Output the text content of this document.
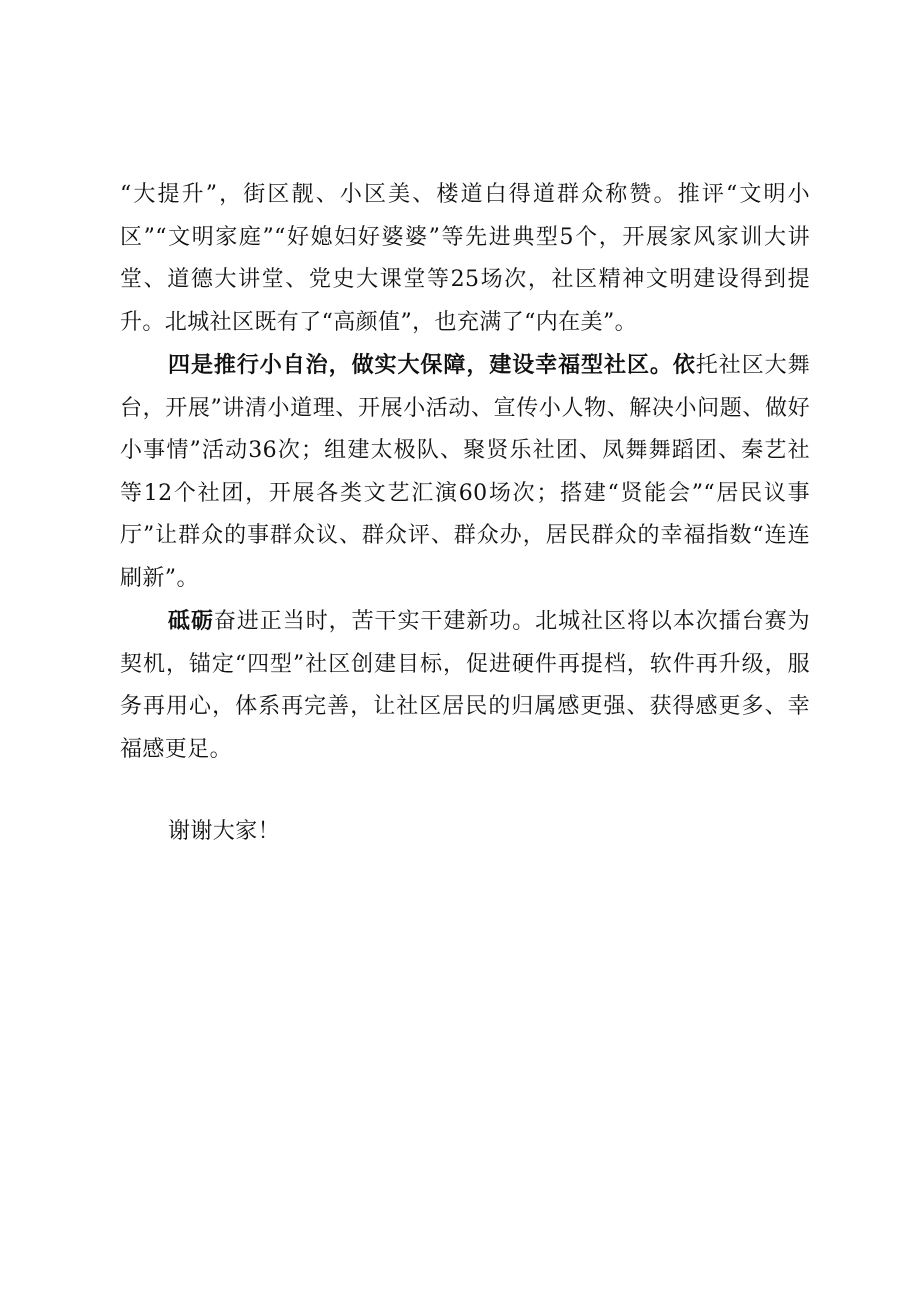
“大提升”，街区靓、小区美、楼道白得道群众称赞。推评“文明小区”“文明家庭”“好媳妇好婆婆”等先进典型5个，开展家风家训大讲堂、道德大讲堂、党史大课堂等25场次，社区精神文明建设得到提升。北城社区既有了“高颜值”，也充满了“内在美”。

四是推行小自治，做实大保障，建设幸福型社区。依托社区大舞台，开展”讲清小道理、开展小活动、宣传小人物、解决小问题、做好小事情”活动36次；组建太极队、聚贤乐社团、凤舞舞蹈团、秦艺社等12个社团，开展各类文艺汇演60场次；搭建“贤能会”“居民议事厅”让群众的事群众议、群众评、群众办，居民群众的幸福指数“连连刷新”。

砥砺奋进正当时，苦干实干建新功。北城社区将以本次擂台赛为契机，锚定“四型”社区创建目标，促进硬件再提档，软件再升级，服务再用心，体系再完善，让社区居民的归属感更强、获得感更多、幸福感更足。

谢谢大家！
